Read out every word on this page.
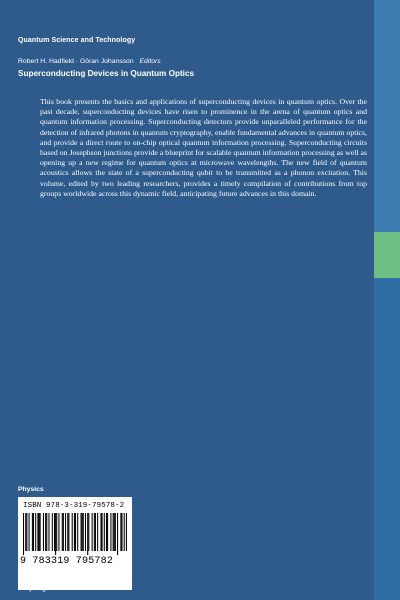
Quantum Science and Technology
Robert H. Hadfield · Göran Johansson Editors
Superconducting Devices in Quantum Optics

This book presents the basics and applications of superconducting devices in quantum optics. Over the past decade, superconducting devices have risen to prominence in the arena of quantum optics and quantum information processing. Superconducting detectors provide unparalleled performance for the detection of infrared photons in quantum cryptography, enable fundamental advances in quantum optics, and provide a direct route to on-chip optical quantum information processing. Superconducting circuits based on Josephson junctions provide a blueprint for scalable quantum information processing as well as opening up a new regime for quantum optics at microwave wavelengths. The new field of quantum acoustics allows the state of a superconducting qubit to be transmitted as a phonon excitation. This volume, edited by two leading researchers, provides a timely compilation of contributions from top groups worldwide across this dynamic field, anticipating future advances in this domain.

Physics
ISBN 978-3-319-79578-2
9 783319 795782
➔ springer.com
